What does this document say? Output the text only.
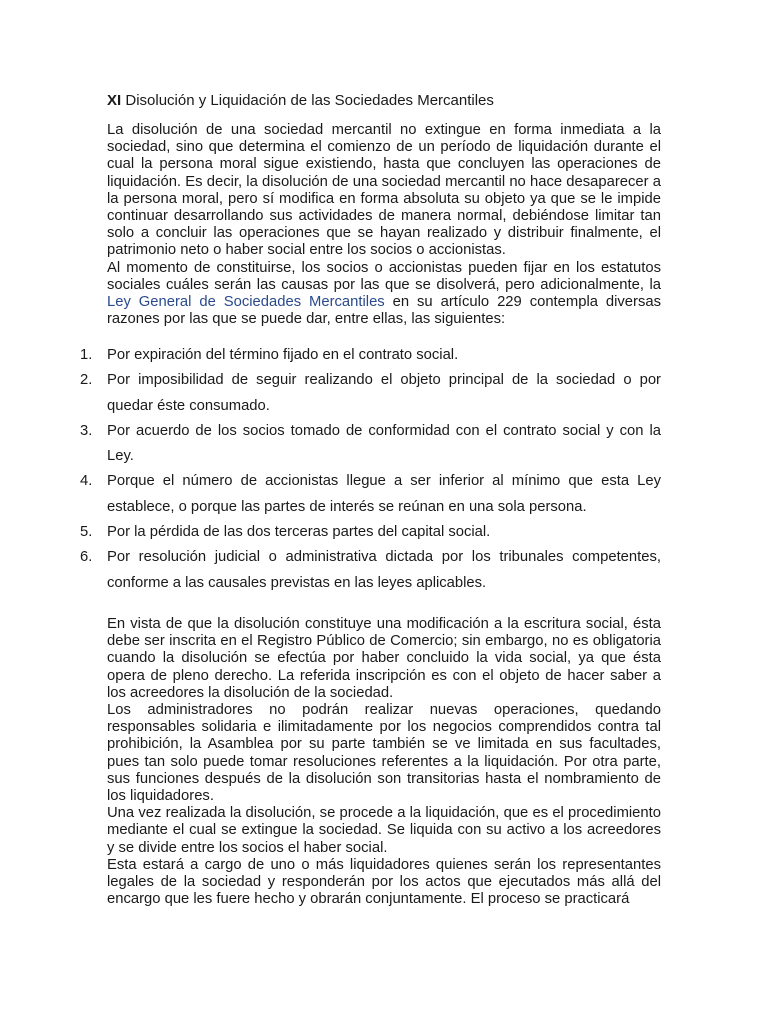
XI Disolución y Liquidación de las Sociedades Mercantiles

La disolución de una sociedad mercantil no extingue en forma inmediata a la sociedad, sino que determina el comienzo de un período de liquidación durante el cual la persona moral sigue existiendo, hasta que concluyen las operaciones de liquidación. Es decir, la disolución de una sociedad mercantil no hace desaparecer a la persona moral, pero sí modifica en forma absoluta su objeto ya que se le impide continuar desarrollando sus actividades de manera normal, debiéndose limitar tan solo a concluir las operaciones que se hayan realizado y distribuir finalmente, el patrimonio neto o haber social entre los socios o accionistas.

Al momento de constituirse, los socios o accionistas pueden fijar en los estatutos sociales cuáles serán las causas por las que se disolverá, pero adicionalmente, la Ley General de Sociedades Mercantiles en su artículo 229 contempla diversas razones por las que se puede dar, entre ellas, las siguientes:

1. Por expiración del término fijado en el contrato social.
2. Por imposibilidad de seguir realizando el objeto principal de la sociedad o por quedar éste consumado.
3. Por acuerdo de los socios tomado de conformidad con el contrato social y con la Ley.
4. Porque el número de accionistas llegue a ser inferior al mínimo que esta Ley establece, o porque las partes de interés se reúnan en una sola persona.
5. Por la pérdida de las dos terceras partes del capital social.
6. Por resolución judicial o administrativa dictada por los tribunales competentes, conforme a las causales previstas en las leyes aplicables.

En vista de que la disolución constituye una modificación a la escritura social, ésta debe ser inscrita en el Registro Público de Comercio; sin embargo, no es obligatoria cuando la disolución se efectúa por haber concluido la vida social, ya que ésta opera de pleno derecho. La referida inscripción es con el objeto de hacer saber a los acreedores la disolución de la sociedad.

Los administradores no podrán realizar nuevas operaciones, quedando responsables solidaria e ilimitadamente por los negocios comprendidos contra tal prohibición, la Asamblea por su parte también se ve limitada en sus facultades, pues tan solo puede tomar resoluciones referentes a la liquidación. Por otra parte, sus funciones después de la disolución son transitorias hasta el nombramiento de los liquidadores.

Una vez realizada la disolución, se procede a la liquidación, que es el procedimiento mediante el cual se extingue la sociedad. Se liquida con su activo a los acreedores y se divide entre los socios el haber social.

Esta estará a cargo de uno o más liquidadores quienes serán los representantes legales de la sociedad y responderán por los actos que ejecutados más allá del encargo que les fuere hecho y obrarán conjuntamente. El proceso se practicará
